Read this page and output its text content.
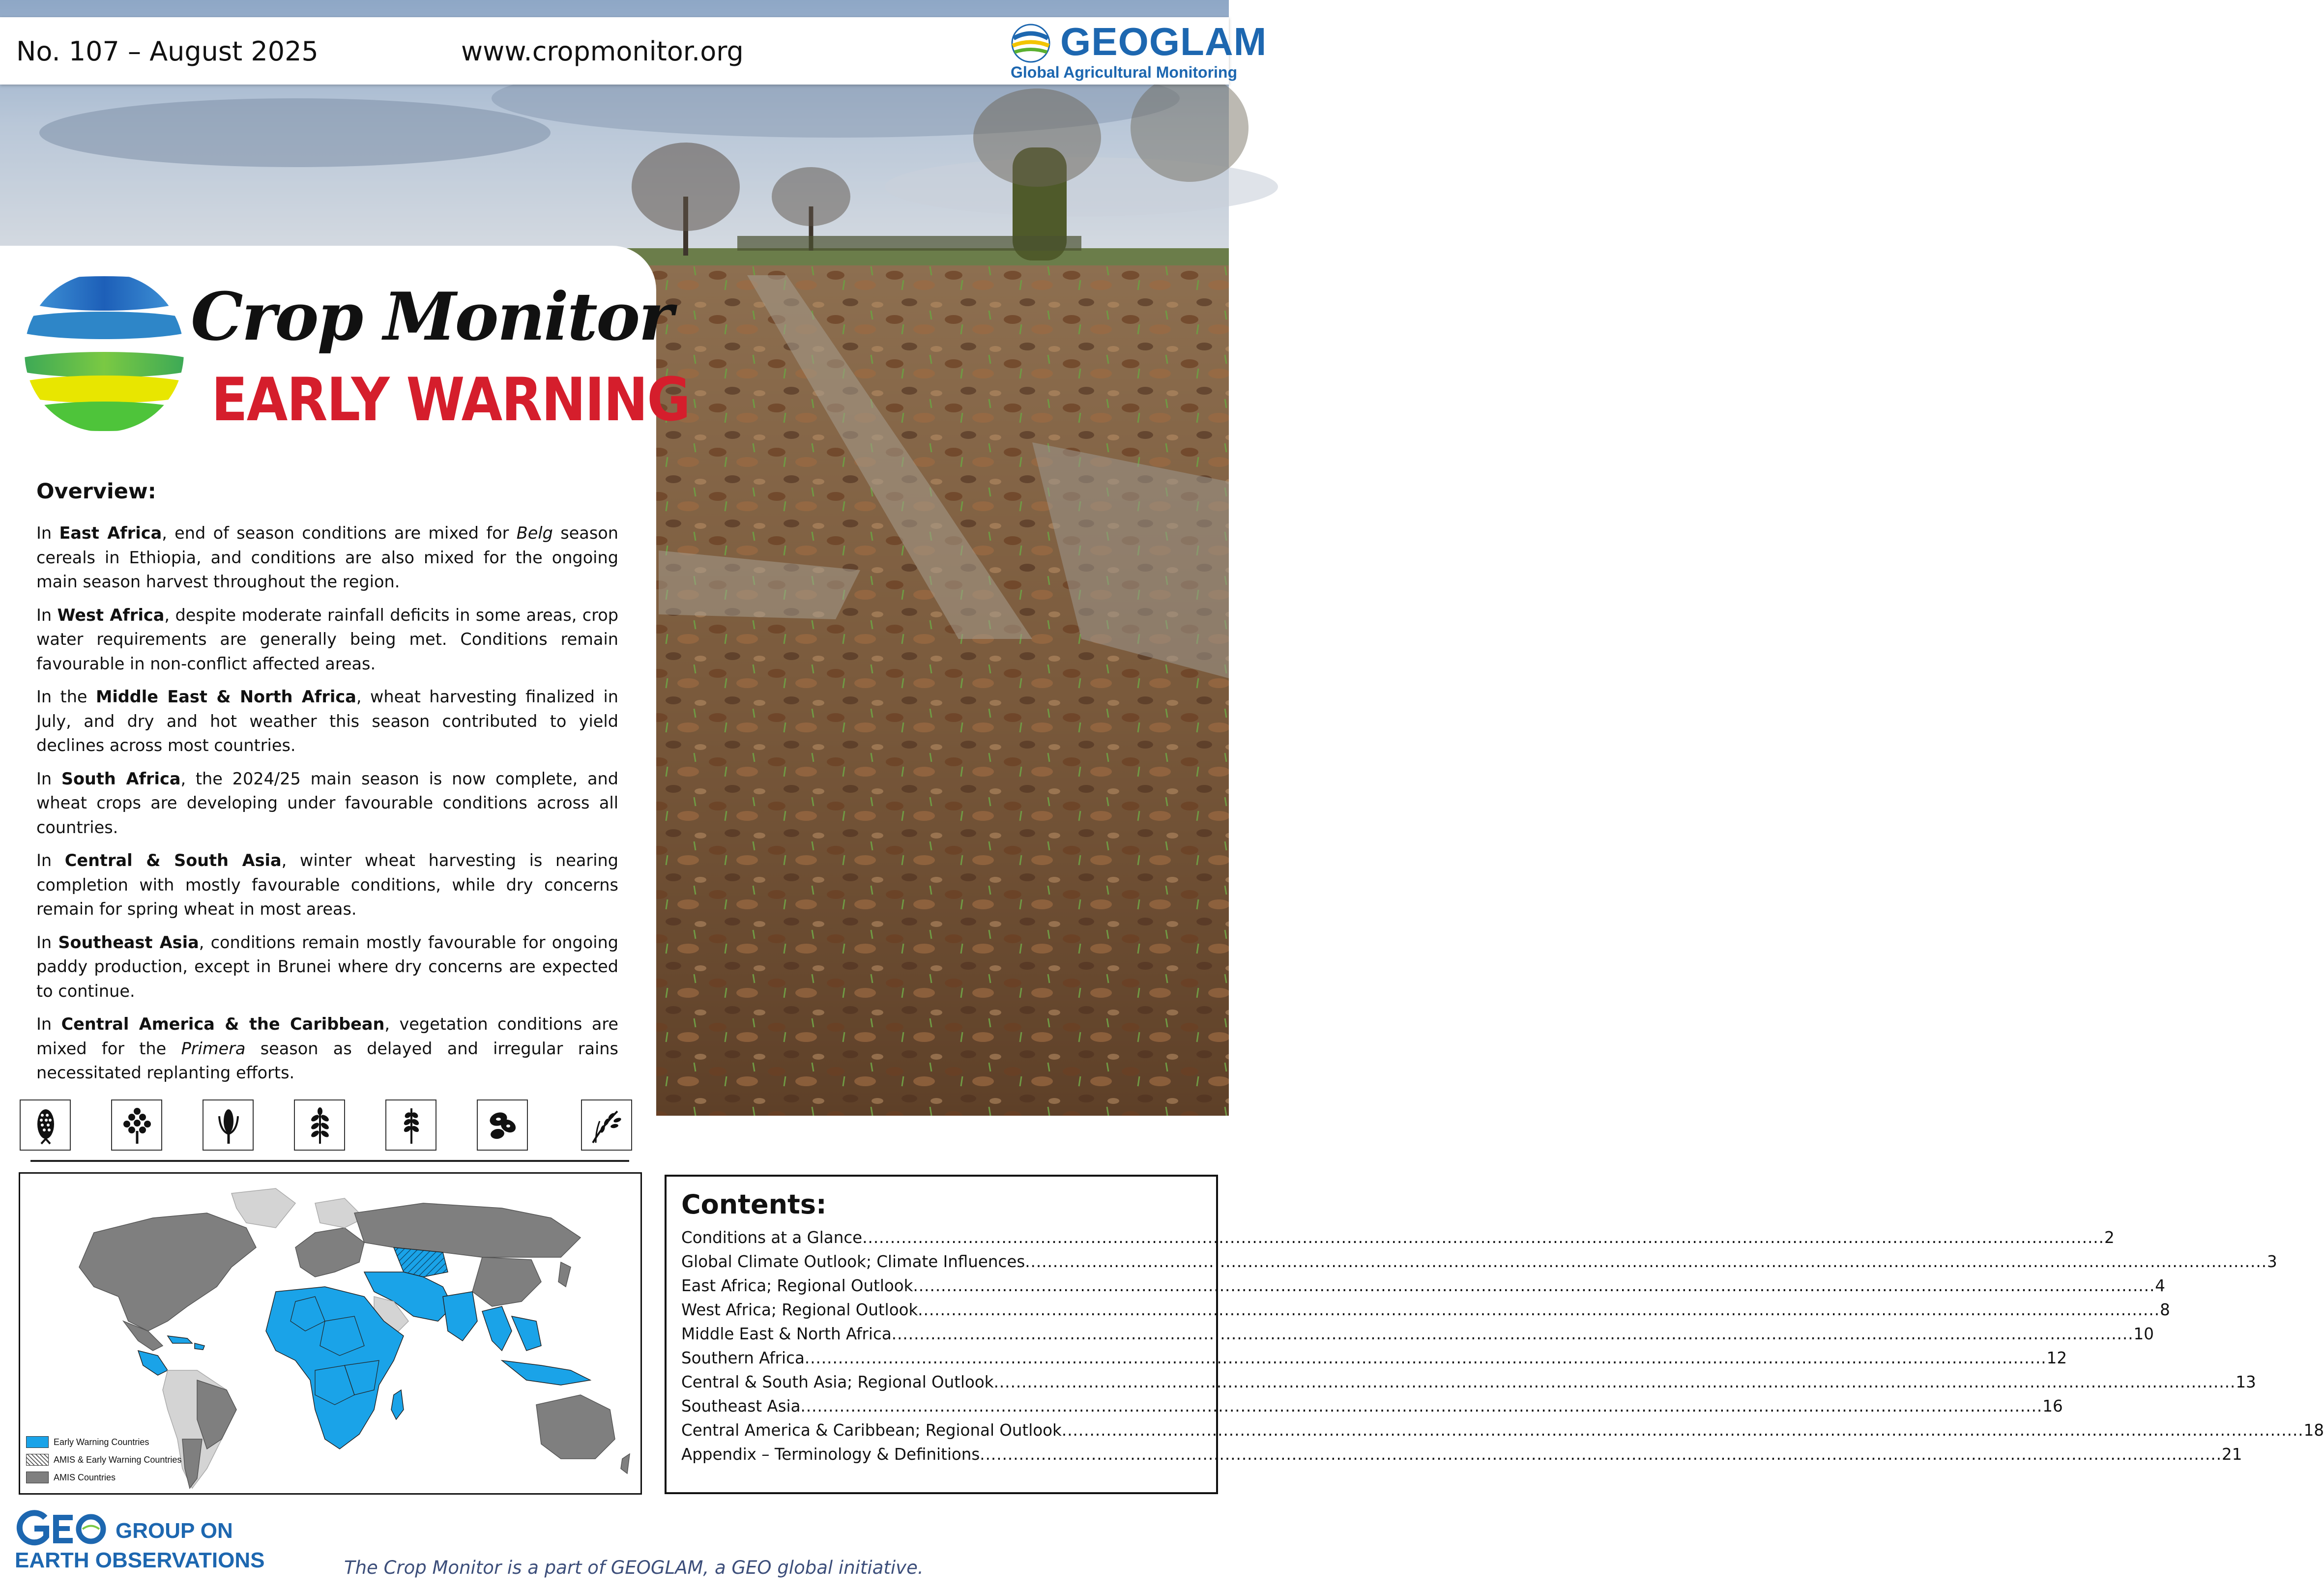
No. 107 – August 2025	www.cropmonitor.org	GEOGLAM
Global Agricultural Monitoring
Crop Monitor
EARLY WARNING
Overview:

In East Africa, end of season conditions are mixed for Belg season cereals in Ethiopia, and conditions are also mixed for the ongoing main season harvest throughout the region.

In West Africa, despite moderate rainfall deficits in some areas, crop water requirements are generally being met. Conditions remain favourable in non-conflict affected areas.

In the Middle East & North Africa, wheat harvesting finalized in July, and dry and hot weather this season contributed to yield declines across most countries.

In South Africa, the 2024/25 main season is now complete, and wheat crops are developing under favourable conditions across all countries.

In Central & South Asia, winter wheat harvesting is nearing completion with mostly favourable conditions, while dry concerns remain for spring wheat in most areas.

In Southeast Asia, conditions remain mostly favourable for ongoing paddy production, except in Brunei where dry concerns are expected to continue.

In Central America & the Caribbean, vegetation conditions are mixed for the Primera season as delayed and irregular rains necessitated replanting efforts.

Early Warning Countries
AMIS & Early Warning Countries
AMIS Countries
Contents:
Conditions at a Glance .....	2
Global Climate Outlook; Climate Influences .....	3
East Africa; Regional Outlook .....	4
West Africa; Regional Outlook .....	8
Middle East & North Africa .....	10
Southern Africa .....	12
Central & South Asia; Regional Outlook .....	13
Southeast Asia .....	16
Central America & Caribbean; Regional Outlook .....	18
Appendix – Terminology & Definitions .....	21
GROUP ON
EARTH OBSERVATIONS	The Crop Monitor is a part of GEOGLAM, a GEO global initiative.
